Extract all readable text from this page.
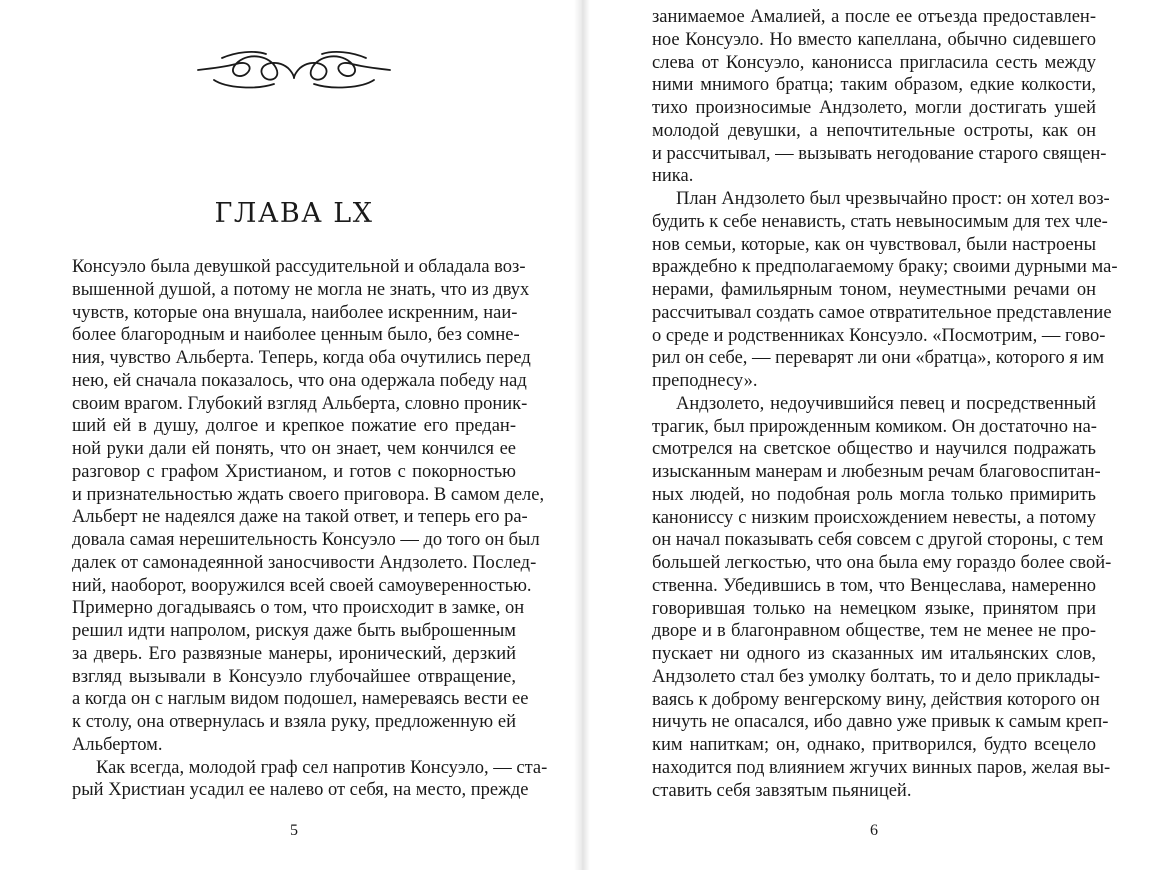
ГЛАВА LX
Консуэло была девушкой рассудительной и обладала воз-
вышенной душой, а потому не могла не знать, что из двух
чувств, которые она внушала, наиболее искренним, наи-
более благородным и наиболее ценным было, без сомне-
ния, чувство Альберта. Теперь, когда оба очутились перед
нею, ей сначала показалось, что она одержала победу над
своим врагом. Глубокий взгляд Альберта, словно проник-
ший ей в душу, долгое и крепкое пожатие его предан-
ной руки дали ей понять, что он знает, чем кончился ее
разговор с графом Христианом, и готов с покорностью
и признательностью ждать своего приговора. В самом деле,
Альберт не надеялся даже на такой ответ, и теперь его ра-
довала самая нерешительность Консуэло — до того он был
далек от самонадеянной заносчивости Андзолето. Послед-
ний, наоборот, вооружился всей своей самоуверенностью.
Примерно догадываясь о том, что происходит в замке, он
решил идти напролом, рискуя даже быть выброшенным
за дверь. Его развязные манеры, иронический, дерзкий
взгляд вызывали в Консуэло глубочайшее отвращение,
а когда он с наглым видом подошел, намереваясь вести ее
к столу, она отвернулась и взяла руку, предложенную ей
Альбертом.
Как всегда, молодой граф сел напротив Консуэло, — ста-
рый Христиан усадил ее налево от себя, на место, прежде
5
занимаемое Амалией, а после ее отъезда предоставлен-
ное Консуэло. Но вместо капеллана, обычно сидевшего
слева от Консуэло, канонисса пригласила сесть между
ними мнимого братца; таким образом, едкие колкости,
тихо произносимые Андзолето, могли достигать ушей
молодой девушки, а непочтительные остроты, как он
и рассчитывал, — вызывать негодование старого священ-
ника.
План Андзолето был чрезвычайно прост: он хотел воз-
будить к себе ненависть, стать невыносимым для тех чле-
нов семьи, которые, как он чувствовал, были настроены
враждебно к предполагаемому браку; своими дурными ма-
нерами, фамильярным тоном, неуместными речами он
рассчитывал создать самое отвратительное представление
о среде и родственниках Консуэло. «Посмотрим, — гово-
рил он себе, — переварят ли они «братца», которого я им
преподнесу».
Андзолето, недоучившийся певец и посредственный
трагик, был прирожденным комиком. Он достаточно на-
смотрелся на светское общество и научился подражать
изысканным манерам и любезным речам благовоспитан-
ных людей, но подобная роль могла только примирить
канониссу с низким происхождением невесты, а потому
он начал показывать себя совсем с другой стороны, с тем
большей легкостью, что она была ему гораздо более свой-
ственна. Убедившись в том, что Венцеслава, намеренно
говорившая только на немецком языке, принятом при
дворе и в благонравном обществе, тем не менее не про-
пускает ни одного из сказанных им итальянских слов,
Андзолето стал без умолку болтать, то и дело приклады-
ваясь к доброму венгерскому вину, действия которого он
ничуть не опасался, ибо давно уже привык к самым креп-
ким напиткам; он, однако, притворился, будто всецело
находится под влиянием жгучих винных паров, желая вы-
ставить себя завзятым пьяницей.
6
